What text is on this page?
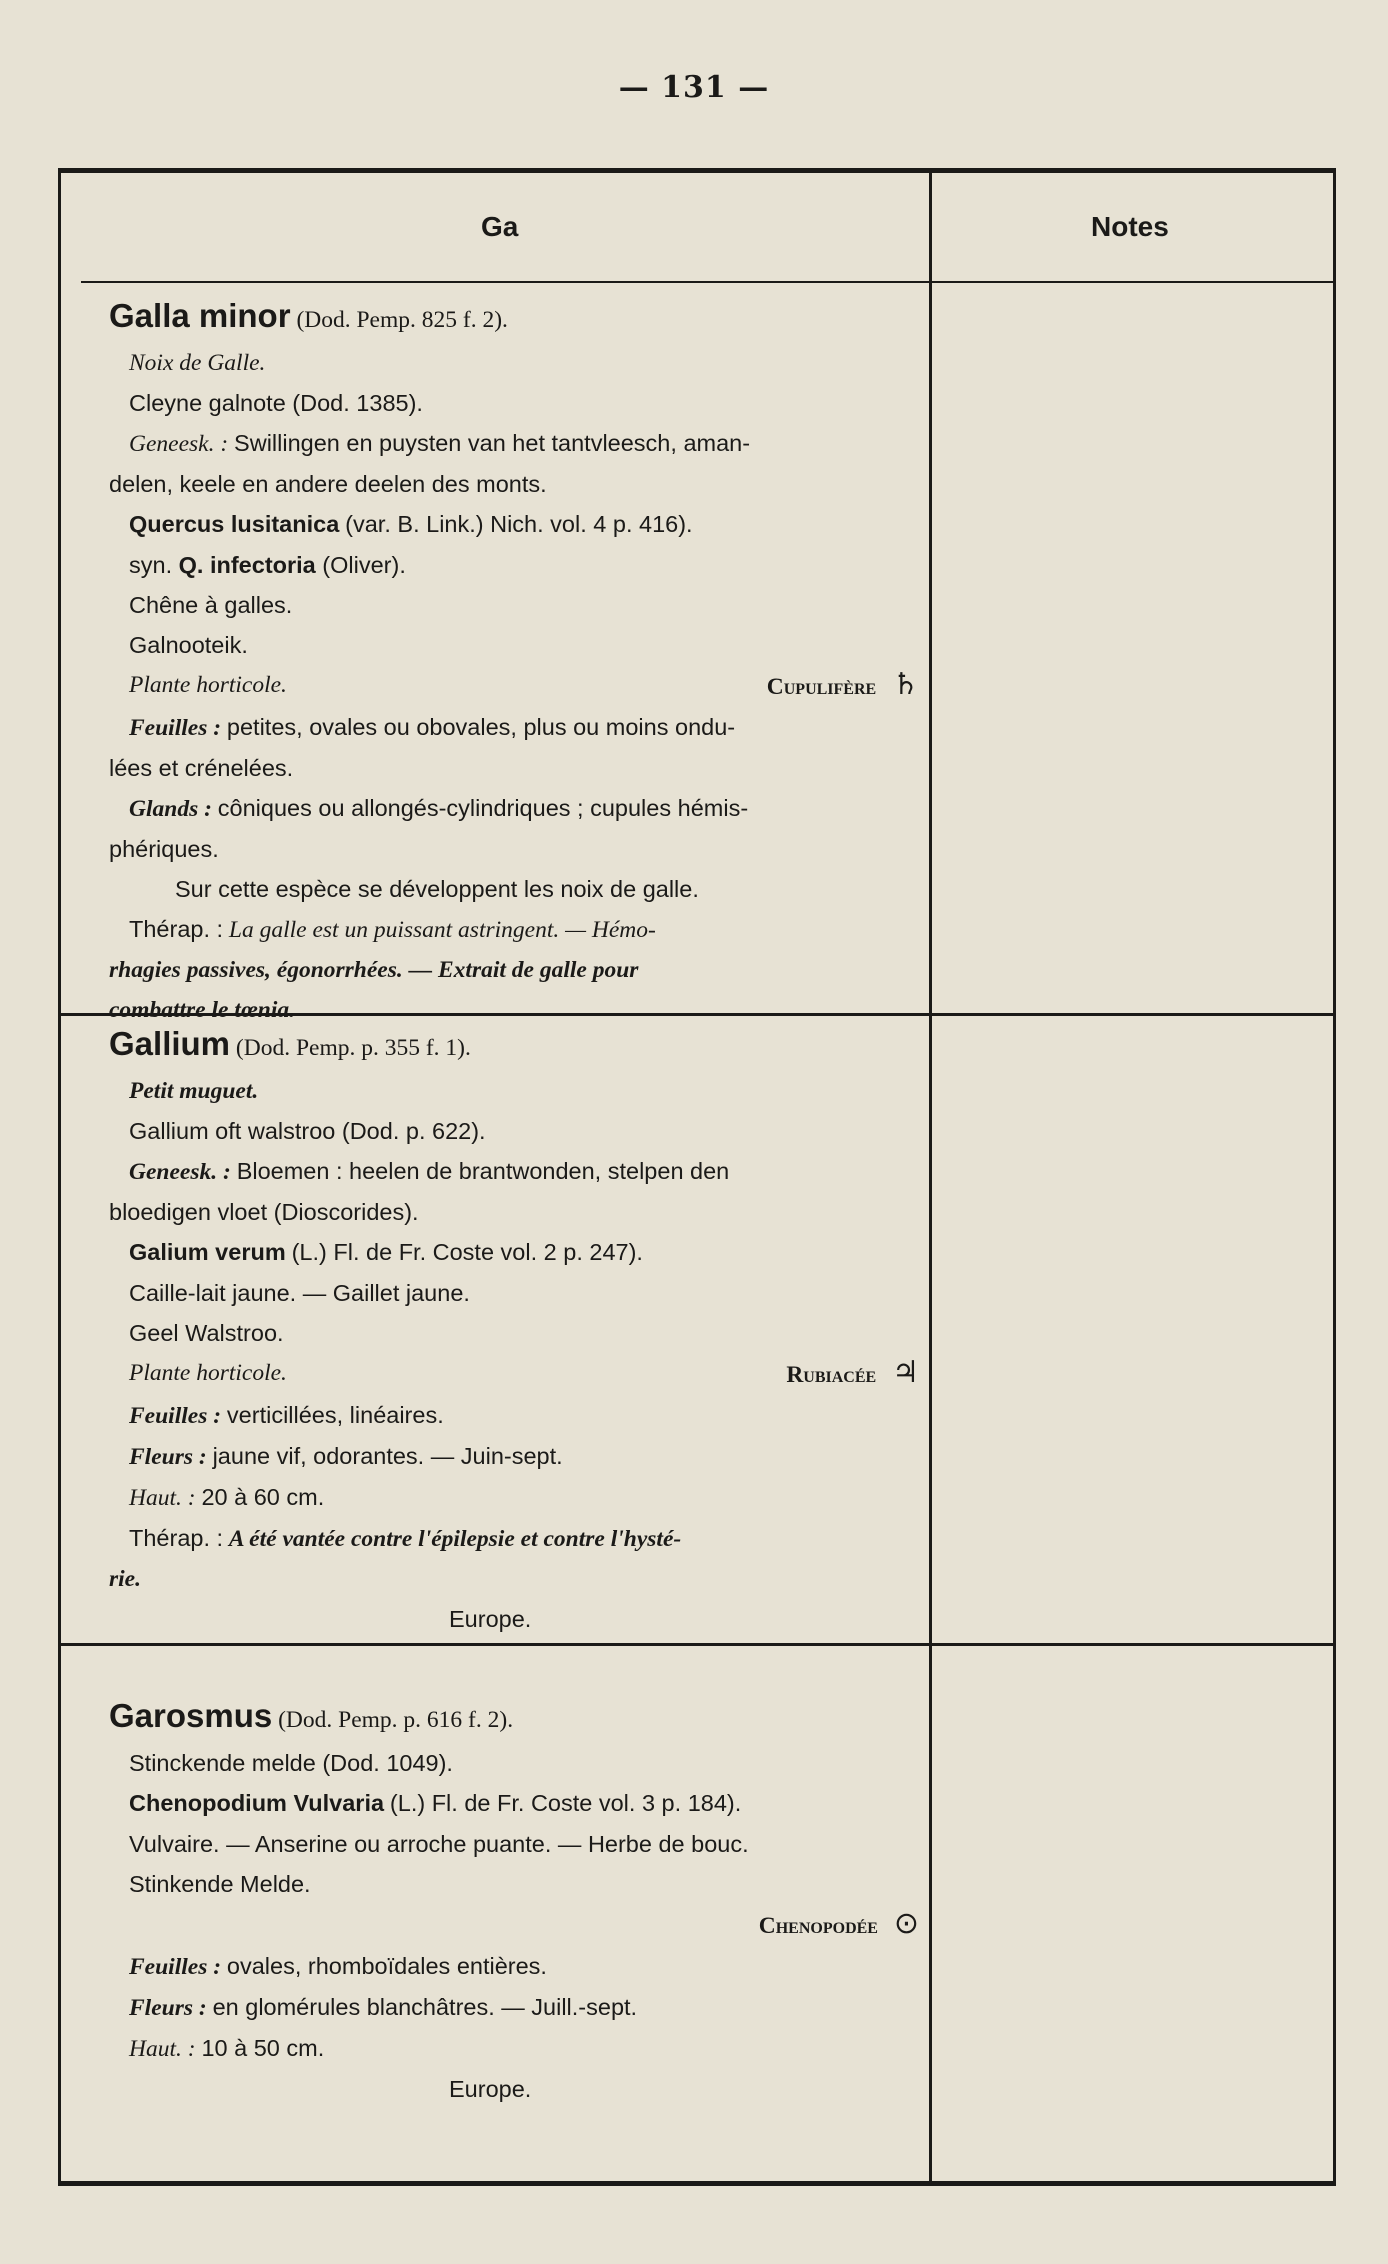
— 131 —
Ga	Notes
Galla minor (Dod. Pemp. 825 f. 2).
Noix de Galle.
Cleyne galnote (Dod. 1385).
Geneesk. : Swillingen en puysten van het tantvleesch, aman-
delen, keele en andere deelen des monts.
Quercus lusitanica (var. B. Link.) Nich. vol. 4 p. 416).
syn. Q. infectoria (Oliver).
Chêne à galles.
Galnooteik.
Plante horticole.	Cupulifère ♄
Feuilles : petites, ovales ou obovales, plus ou moins ondu-
lées et crénelées.
Glands : côniques ou allongés-cylindriques ; cupules hémis-
phériques.
Sur cette espèce se développent les noix de galle.
Thérap. : La galle est un puissant astringent. — Hémo-
rhagies passives, égonorrhées. — Extrait de galle pour
combattre le tœnia.
Gallium (Dod. Pemp. p. 355 f. 1).
Petit muguet.
Gallium oft walstroo (Dod. p. 622).
Geneesk. : Bloemen : heelen de brantwonden, stelpen den
bloedigen vloet (Dioscorides).
Galium verum (L.) Fl. de Fr. Coste vol. 2 p. 247).
Caille-lait jaune. — Gaillet jaune.
Geel Walstroo.
Plante horticole.	Rubiacée ♃
Feuilles : verticillées, linéaires.
Fleurs : jaune vif, odorantes. — Juin-sept.
Haut. : 20 à 60 cm.
Thérap. : A été vantée contre l'épilepsie et contre l'hysté-
rie.
Europe.
Garosmus (Dod. Pemp. p. 616 f. 2).
Stinckende melde (Dod. 1049).
Chenopodium Vulvaria (L.) Fl. de Fr. Coste vol. 3 p. 184).
Vulvaire. — Anserine ou arroche puante. — Herbe de bouc.
Stinkende Melde.
Chenopodée ⊙
Feuilles : ovales, rhomboïdales entières.
Fleurs : en glomérules blanchâtres. — Juill.-sept.
Haut. : 10 à 50 cm.
Europe.
